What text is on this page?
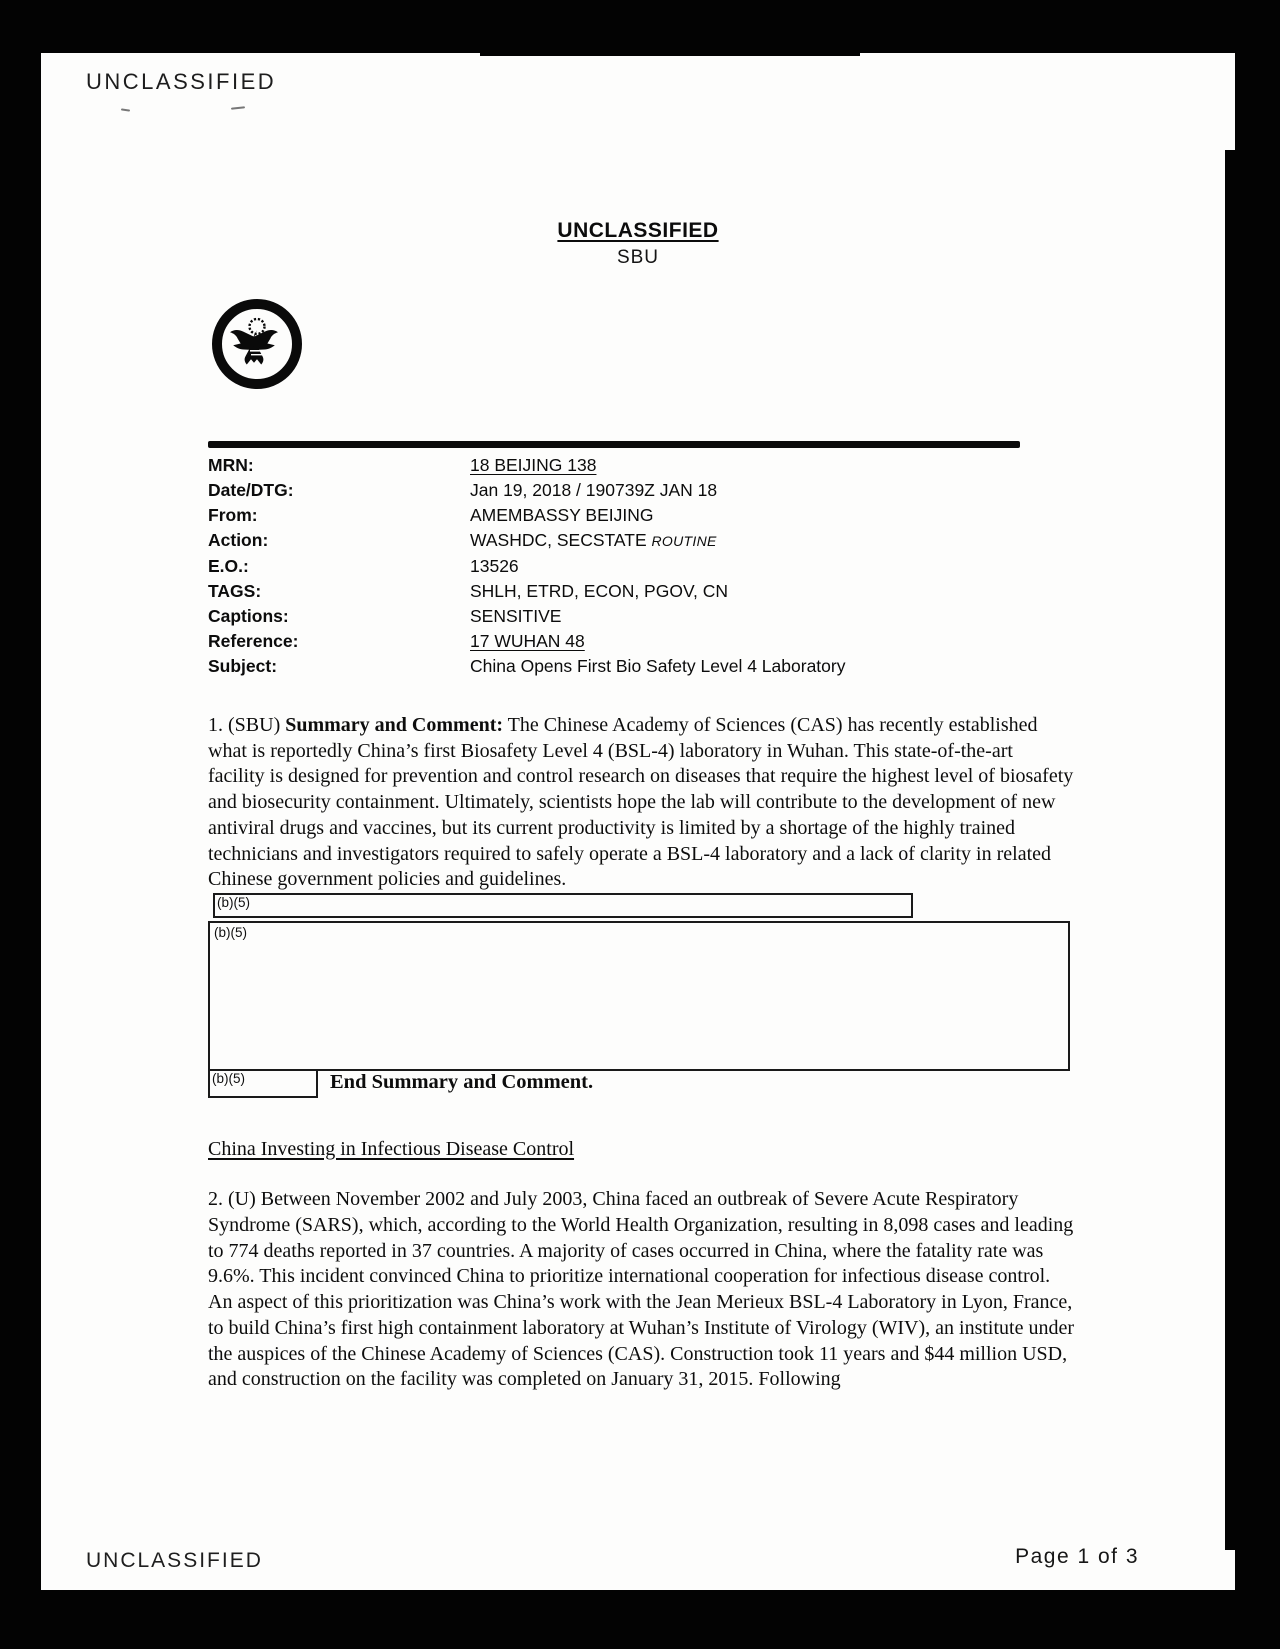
UNCLASSIFIED
UNCLASSIFIED
SBU
MRN:	18 BEIJING 138
Date/DTG:	Jan 19, 2018 / 190739Z JAN 18
From:	AMEMBASSY BEIJING
Action:	WASHDC, SECSTATE ROUTINE
E.O.:	13526
TAGS:	SHLH, ETRD, ECON, PGOV, CN
Captions:	SENSITIVE
Reference:	17 WUHAN 48
Subject:	China Opens First Bio Safety Level 4 Laboratory

1. (SBU) Summary and Comment: The Chinese Academy of Sciences (CAS) has recently established what is reportedly China’s first Biosafety Level 4 (BSL-4) laboratory in Wuhan. This state-of-the-art facility is designed for prevention and control research on diseases that require the highest level of biosafety and biosecurity containment. Ultimately, scientists hope the lab will contribute to the development of new antiviral drugs and vaccines, but its current productivity is limited by a shortage of the highly trained technicians and investigators required to safely operate a BSL-4 laboratory and a lack of clarity in related Chinese government policies and guidelines.
(b)(5)

(b)(5)
(b)(5)	End Summary and Comment.
China Investing in Infectious Disease Control

2. (U) Between November 2002 and July 2003, China faced an outbreak of Severe Acute Respiratory Syndrome (SARS), which, according to the World Health Organization, resulting in 8,098 cases and leading to 774 deaths reported in 37 countries. A majority of cases occurred in China, where the fatality rate was 9.6%. This incident convinced China to prioritize international cooperation for infectious disease control. An aspect of this prioritization was China’s work with the Jean Merieux BSL-4 Laboratory in Lyon, France, to build China’s first high containment laboratory at Wuhan’s Institute of Virology (WIV), an institute under the auspices of the Chinese Academy of Sciences (CAS). Construction took 11 years and $44 million USD, and construction on the facility was completed on January 31, 2015. Following

UNCLASSIFIED	Page 1 of 3
